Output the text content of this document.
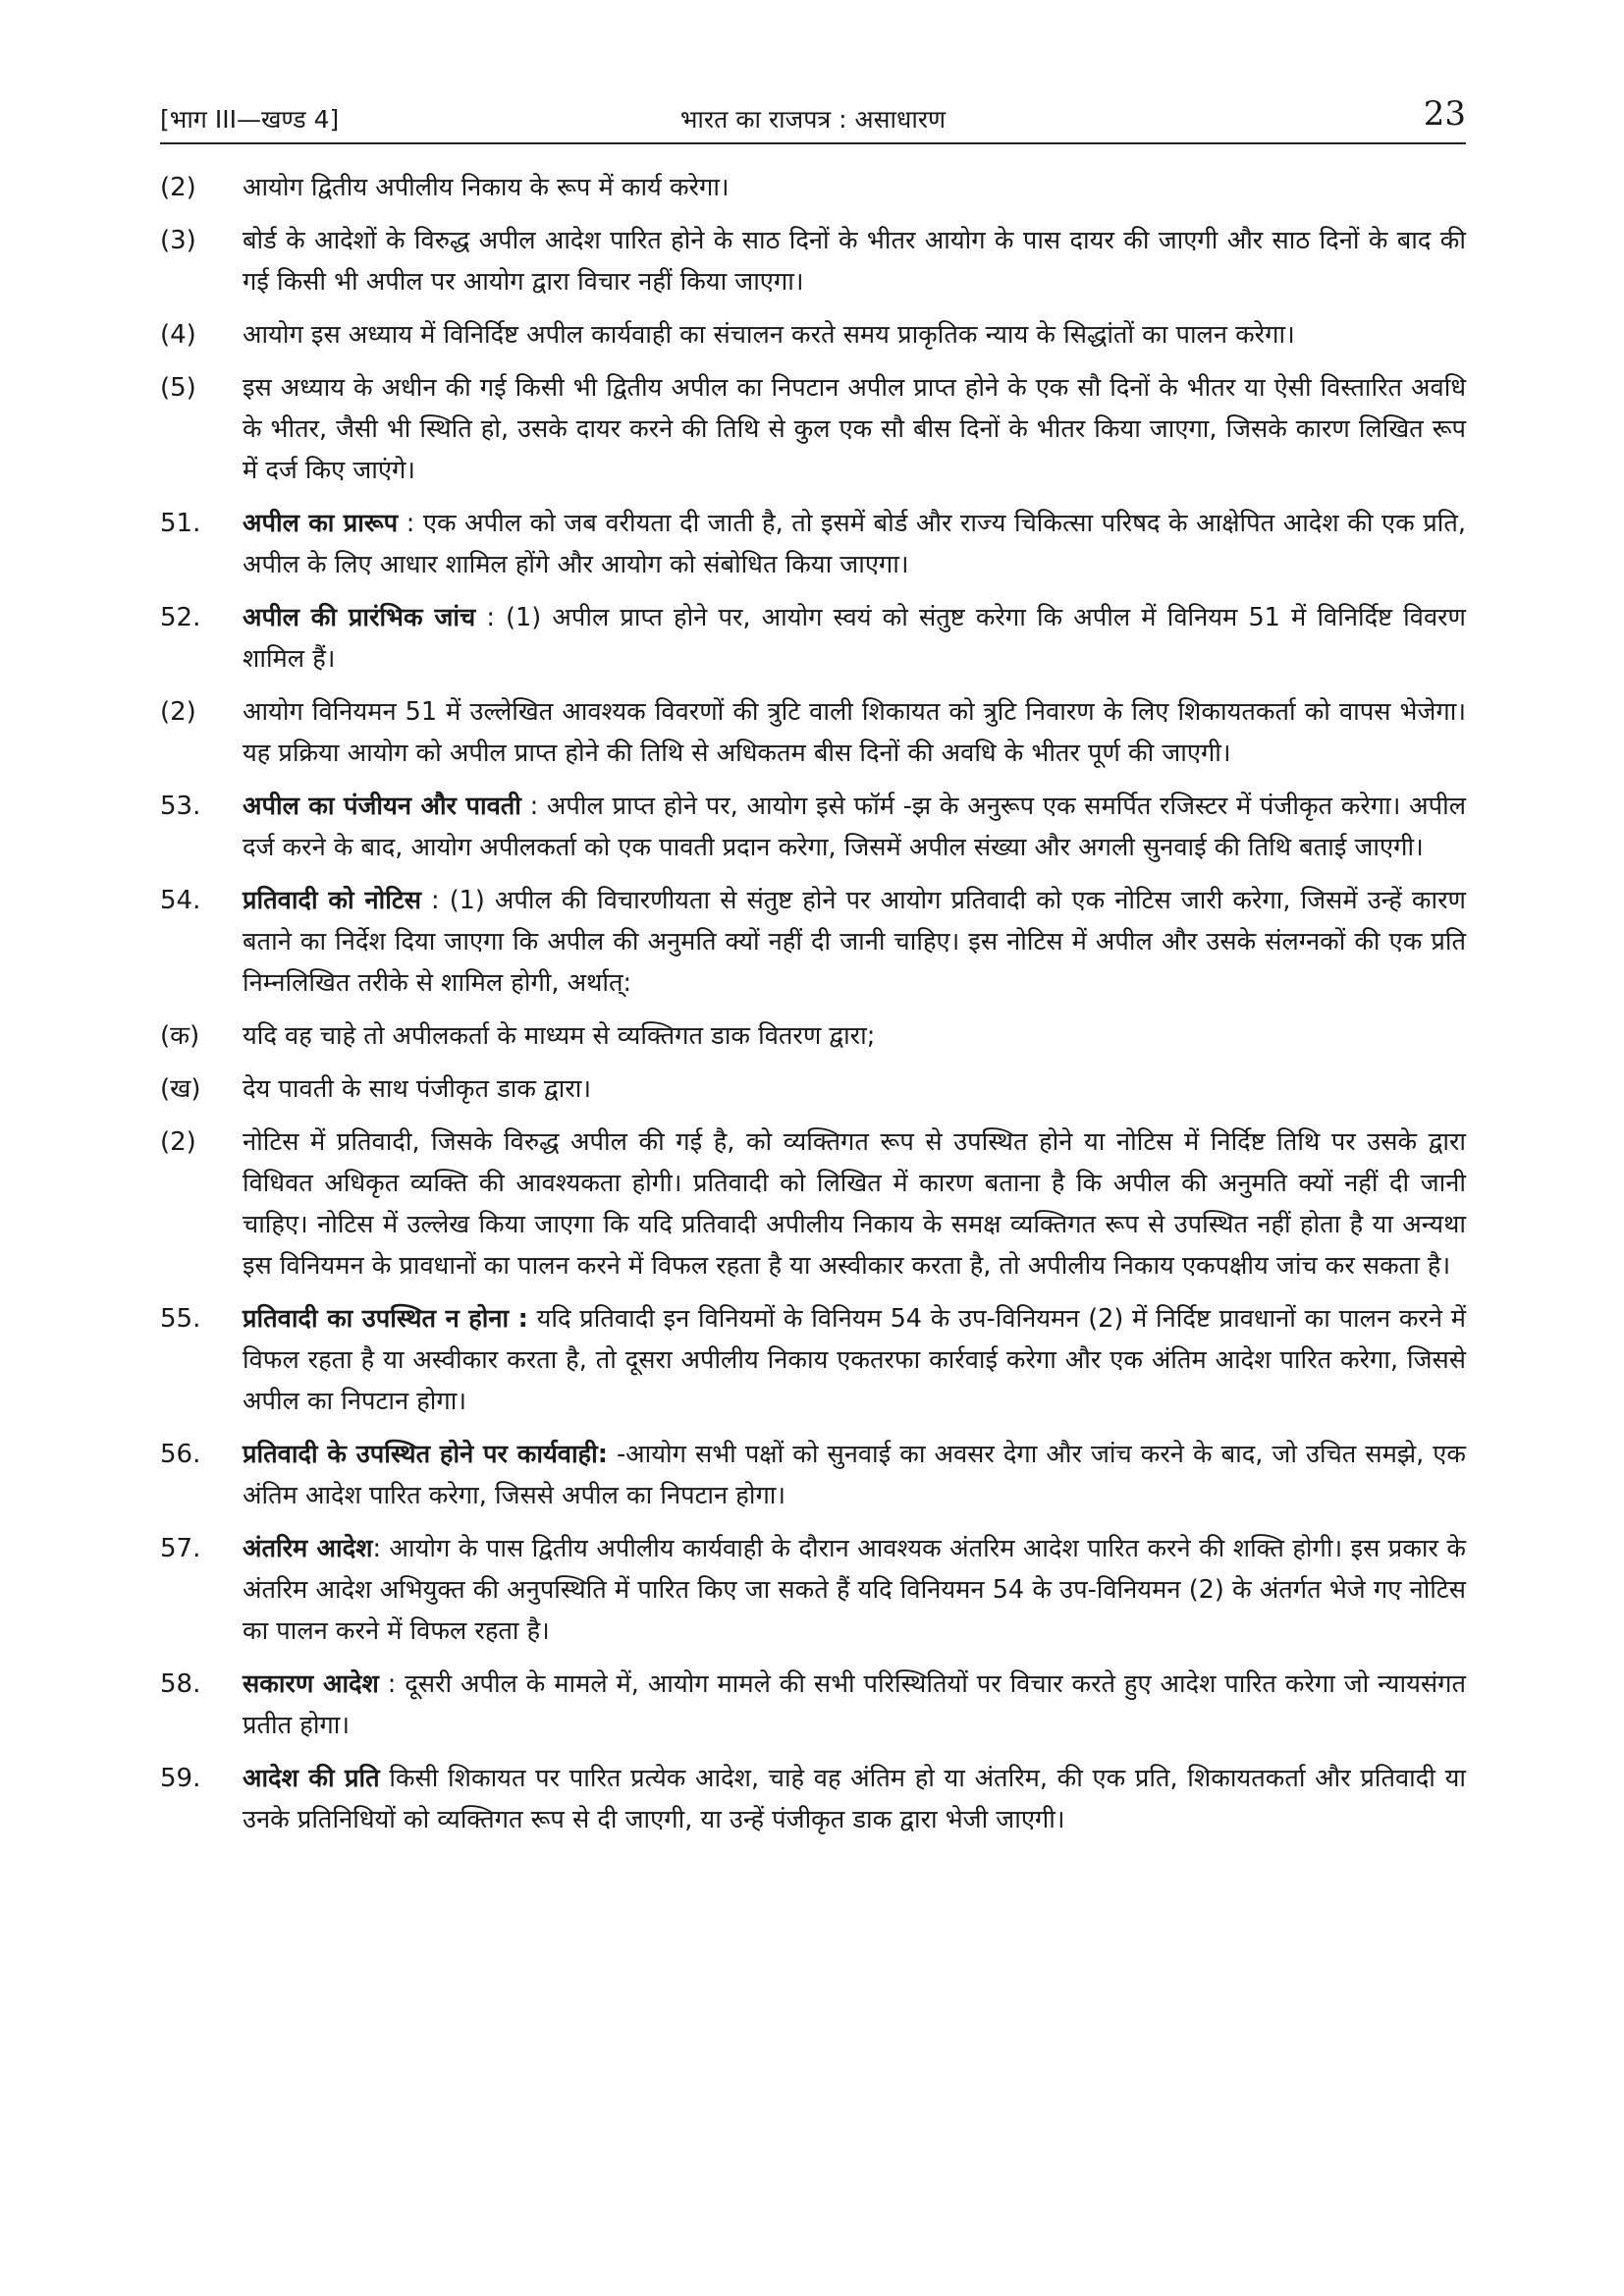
[भाग III—खण्ड 4]	भारत का राजपत्र : असाधारण	23
(2)	आयोग द्वितीय अपीलीय निकाय के रूप में कार्य करेगा।
(3)	बोर्ड के आदेशों के विरुद्ध अपील आदेश पारित होने के साठ दिनों के भीतर आयोग के पास दायर की जाएगी और साठ दिनों के बाद की गई किसी भी अपील पर आयोग द्वारा विचार नहीं किया जाएगा।
(4)	आयोग इस अध्याय में विनिर्दिष्ट अपील कार्यवाही का संचालन करते समय प्राकृतिक न्याय के सिद्धांतों का पालन करेगा।
(5)	इस अध्याय के अधीन की गई किसी भी द्वितीय अपील का निपटान अपील प्राप्त होने के एक सौ दिनों के भीतर या ऐसी विस्तारित अवधि के भीतर, जैसी भी स्थिति हो, उसके दायर करने की तिथि से कुल एक सौ बीस दिनों के भीतर किया जाएगा, जिसके कारण लिखित रूप में दर्ज किए जाएंगे।
51.	अपील का प्रारूप : एक अपील को जब वरीयता दी जाती है, तो इसमें बोर्ड और राज्य चिकित्सा परिषद के आक्षेपित आदेश की एक प्रति, अपील के लिए आधार शामिल होंगे और आयोग को संबोधित किया जाएगा।
52.	अपील की प्रारंभिक जांच : (1) अपील प्राप्त होने पर, आयोग स्वयं को संतुष्ट करेगा कि अपील में विनियम 51 में विनिर्दिष्ट विवरण शामिल हैं।
(2)	आयोग विनियमन 51 में उल्लेखित आवश्यक विवरणों की त्रुटि वाली शिकायत को त्रुटि निवारण के लिए शिकायतकर्ता को वापस भेजेगा। यह प्रक्रिया आयोग को अपील प्राप्त होने की तिथि से अधिकतम बीस दिनों की अवधि के भीतर पूर्ण की जाएगी।
53.	अपील का पंजीयन और पावती : अपील प्राप्त होने पर, आयोग इसे फॉर्म -झ के अनुरूप एक समर्पित रजिस्टर में पंजीकृत करेगा। अपील दर्ज करने के बाद, आयोग अपीलकर्ता को एक पावती प्रदान करेगा, जिसमें अपील संख्या और अगली सुनवाई की तिथि बताई जाएगी।
54.	प्रतिवादी को नोटिस : (1) अपील की विचारणीयता से संतुष्ट होने पर आयोग प्रतिवादी को एक नोटिस जारी करेगा, जिसमें उन्हें कारण बताने का निर्देश दिया जाएगा कि अपील की अनुमति क्यों नहीं दी जानी चाहिए। इस नोटिस में अपील और उसके संलग्नकों की एक प्रति निम्नलिखित तरीके से शामिल होगी, अर्थात्:
(क)	यदि वह चाहे तो अपीलकर्ता के माध्यम से व्यक्तिगत डाक वितरण द्वारा;
(ख)	देय पावती के साथ पंजीकृत डाक द्वारा।
(2)	नोटिस में प्रतिवादी, जिसके विरुद्ध अपील की गई है, को व्यक्तिगत रूप से उपस्थित होने या नोटिस में निर्दिष्ट तिथि पर उसके द्वारा विधिवत अधिकृत व्यक्ति की आवश्यकता होगी। प्रतिवादी को लिखित में कारण बताना है कि अपील की अनुमति क्यों नहीं दी जानी चाहिए। नोटिस में उल्लेख किया जाएगा कि यदि प्रतिवादी अपीलीय निकाय के समक्ष व्यक्तिगत रूप से उपस्थित नहीं होता है या अन्यथा इस विनियमन के प्रावधानों का पालन करने में विफल रहता है या अस्वीकार करता है, तो अपीलीय निकाय एकपक्षीय जांच कर सकता है।
55.	प्रतिवादी का उपस्थित न होना : यदि प्रतिवादी इन विनियमों के विनियम 54 के उप-विनियमन (2) में निर्दिष्ट प्रावधानों का पालन करने में विफल रहता है या अस्वीकार करता है, तो दूसरा अपीलीय निकाय एकतरफा कार्रवाई करेगा और एक अंतिम आदेश पारित करेगा, जिससे अपील का निपटान होगा।
56.	प्रतिवादी के उपस्थित होने पर कार्यवाही: -आयोग सभी पक्षों को सुनवाई का अवसर देगा और जांच करने के बाद, जो उचित समझे, एक अंतिम आदेश पारित करेगा, जिससे अपील का निपटान होगा।
57.	अंतरिम आदेश: आयोग के पास द्वितीय अपीलीय कार्यवाही के दौरान आवश्यक अंतरिम आदेश पारित करने की शक्ति होगी। इस प्रकार के अंतरिम आदेश अभियुक्त की अनुपस्थिति में पारित किए जा सकते हैं यदि विनियमन 54 के उप-विनियमन (2) के अंतर्गत भेजे गए नोटिस का पालन करने में विफल रहता है।
58.	सकारण आदेश : दूसरी अपील के मामले में, आयोग मामले की सभी परिस्थितियों पर विचार करते हुए आदेश पारित करेगा जो न्यायसंगत प्रतीत होगा।
59.	आदेश की प्रति किसी शिकायत पर पारित प्रत्येक आदेश, चाहे वह अंतिम हो या अंतरिम, की एक प्रति, शिकायतकर्ता और प्रतिवादी या उनके प्रतिनिधियों को व्यक्तिगत रूप से दी जाएगी, या उन्हें पंजीकृत डाक द्वारा भेजी जाएगी।
